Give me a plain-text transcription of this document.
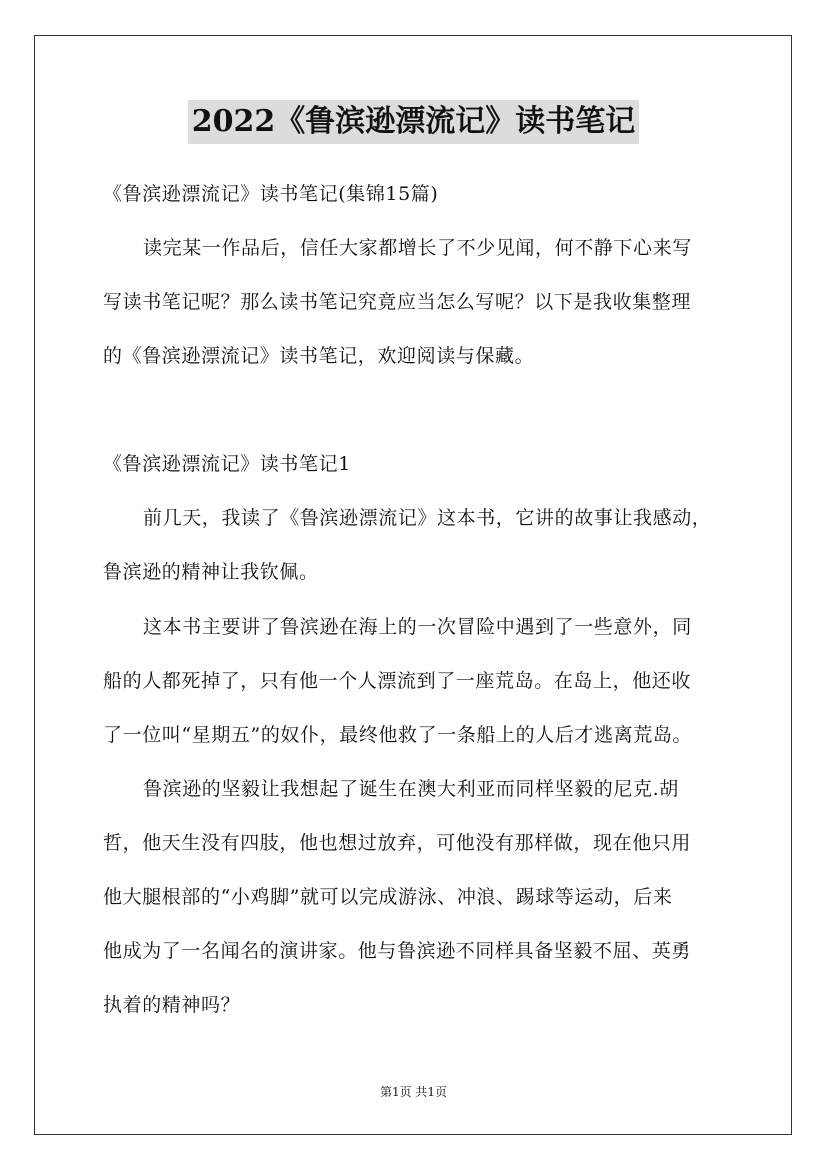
2022《鲁滨逊漂流记》读书笔记
《鲁滨逊漂流记》读书笔记(集锦15篇)
读完某一作品后，信任大家都增长了不少见闻，何不静下心来写
写读书笔记呢？那么读书笔记究竟应当怎么写呢？以下是我收集整理
的《鲁滨逊漂流记》读书笔记，欢迎阅读与保藏。
《鲁滨逊漂流记》读书笔记1
前几天，我读了《鲁滨逊漂流记》这本书，它讲的故事让我感动，
鲁滨逊的精神让我钦佩。
这本书主要讲了鲁滨逊在海上的一次冒险中遇到了一些意外，同
船的人都死掉了，只有他一个人漂流到了一座荒岛。在岛上，他还收
了一位叫“星期五”的奴仆，最终他救了一条船上的人后才逃离荒岛。
鲁滨逊的坚毅让我想起了诞生在澳大利亚而同样坚毅的尼克.胡
哲，他天生没有四肢，他也想过放弃，可他没有那样做，现在他只用
他大腿根部的“小鸡脚”就可以完成游泳、冲浪、踢球等运动，后来
他成为了一名闻名的演讲家。他与鲁滨逊不同样具备坚毅不屈、英勇
执着的精神吗？
第1页 共1页
